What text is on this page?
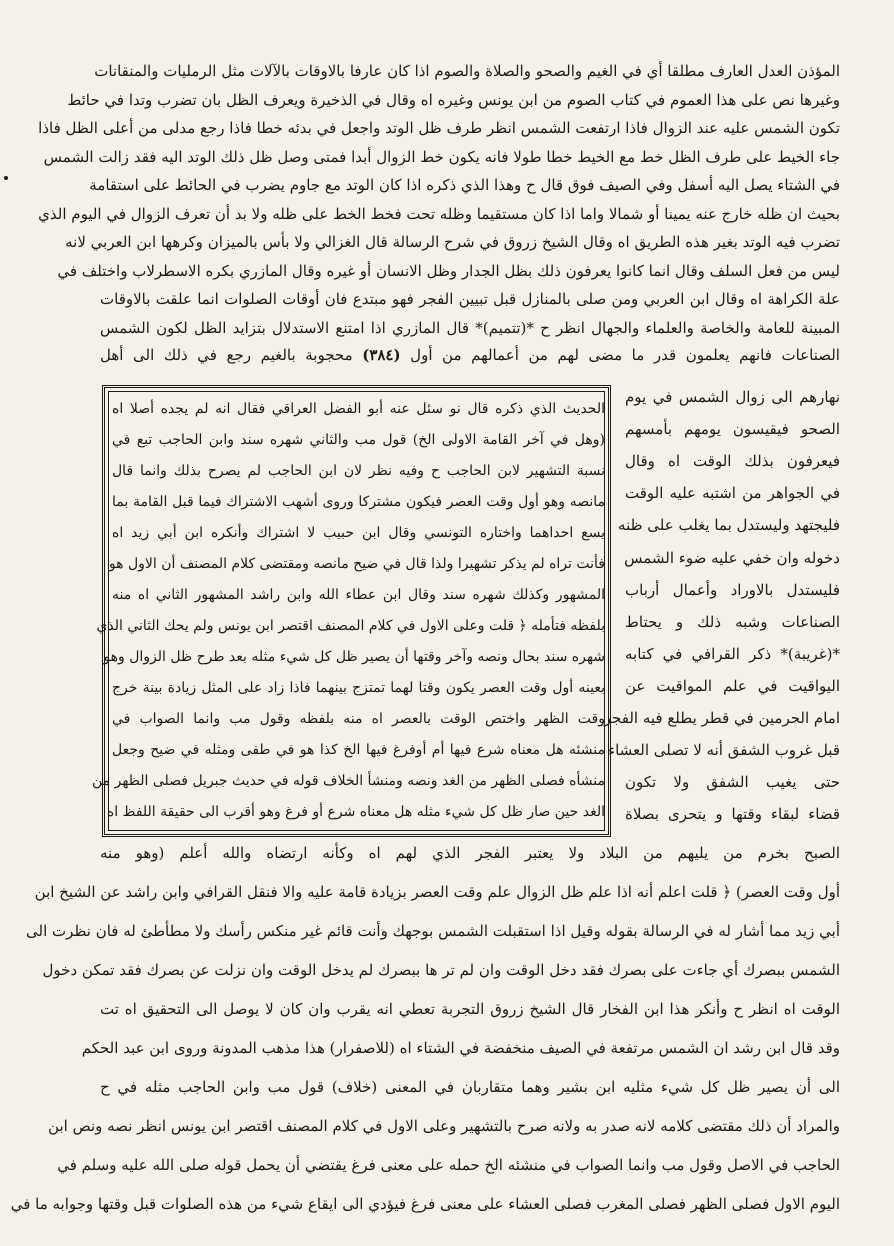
المؤذن العدل العارف مطلقا أي في الغيم والصحو والصلاة والصوم اذا كان عارفا بالاوقات بالآلات مثل الرمليات والمنقانات
وغيرها نص على هذا العموم في كتاب الصوم من ابن يونس وغيره اه وقال في الذخيرة ويعرف الظل بان تضرب وتدا في حائط
تكون الشمس عليه عند الزوال فاذا ارتفعت الشمس انظر طرف ظل الوتد واجعل في بدئه خطا فاذا رجع مدلى من أعلى الظل فاذا
جاء الخيط على طرف الظل خط مع الخيط خطا طولا فانه يكون خط الزوال أبدا فمتى وصل ظل ذلك الوتد اليه فقد زالت الشمس
في الشتاء يصل اليه أسفل وفي الصيف فوق قال ح وهذا الذي ذكره اذا كان الوتد مع جاوم يضرب في الحائط على استقامة
بحيث ان ظله خارج عنه يمينا أو شمالا واما اذا كان مستقيما وظله تحت فخط الخط على ظله ولا بد أن تعرف الزوال في اليوم الذي
تضرب فيه الوتد بغير هذه الطريق اه وقال الشيخ زروق في شرح الرسالة قال الغزالي ولا بأس بالميزان وكرهها ابن العربي لانه
ليس من فعل السلف وقال انما كانوا يعرفون ذلك بظل الجدار وظل الانسان أو غيره وقال المازري بكره الاسطرلاب واختلف في
علة الكراهة اه وقال ابن العربي ومن صلى بالمنازل قبل تبيين الفجر فهو مبتدع فان أوقات الصلوات انما علقت بالاوقات
المبينة للعامة والخاصة والعلماء والجهال انظر ح *(تتميم)* قال المازري اذا امتنع الاستدلال بتزايد الظل لكون الشمس
الصناعات فانهم يعلمون قدر ما مضى لهم من أعمالهم من أول (٣٨٤) محجوبة بالغيم رجع في ذلك الى أهل
نهارهم الى زوال الشمس في يوم
الصحو فيقيسون يومهم بأمسهم
فيعرفون بذلك الوقت اه وقال
في الجواهر من اشتبه عليه الوقت
فليجتهد وليستدل بما يغلب على ظنه
دخوله وان خفي عليه ضوء الشمس
فليستدل بالاوراد وأعمال أرباب
الصناعات وشبه ذلك و يحتاط
*(غريبة)* ذكر القرافي في كتابه
اليواقيت في علم المواقيت عن
امام الحرمين في قطر يطلع فيه الفجر
قبل غروب الشفق أنه لا تصلى العشاء
حتى يغيب الشفق ولا تكون
قضاء لبقاء وقتها و يتحرى بصلاة
الحديث الذي ذكره قال نو سئل عنه أبو الفضل العراقي فقال انه لم يجده أصلا اه
(وهل في آخر القامة الاولى الخ) قول مب والثاني شهره سند وابن الحاجب تبع في
نسبة التشهير لابن الحاجب ح وفيه نظر لان ابن الحاجب لم يصرح بذلك وانما قال
مانصه وهو أول وقت العصر فيكون مشتركا وروى أشهب الاشتراك فيما قبل القامة بما
يسع احداهما واختاره التونسي وقال ابن حبيب لا اشتراك وأنكره ابن أبي زيد اه
فأنت تراه لم يذكر تشهيرا ولذا قال في ضيح مانصه ومقتضى كلام المصنف أن الاول هو
المشهور وكذلك شهره سند وقال ابن عطاء الله وابن راشد المشهور الثاني اه منه
بلفظه فتأمله ﴿ قلت وعلى الاول في كلام المصنف اقتصر ابن يونس ولم يحك الثاني الذي
شهره سند بحال ونصه وآخر وقتها أن يصير ظل كل شيء مثله بعد طرح ظل الزوال وهو
بعينه أول وقت العصر يكون وقتا لهما تمتزج بينهما فاذا زاد على المثل زيادة بينة خرج
وقت الظهر واختص الوقت بالعصر اه منه بلفظه وقول مب وانما الصواب في
منشئه هل معناه شرع فيها أم أوفرغ فيها الخ كذا هو في طفى ومثله في ضيح وجعل
منشأه فصلى الظهر من الغد ونصه ومنشأ الخلاف قوله في حديث جبريل فصلى الظهر من
الغد حين صار ظل كل شيء مثله هل معناه شرع أو فرغ وهو أقرب الى حقيقة اللفظ اه
الصبح بخرم من يليهم من البلاد ولا يعتبر الفجر الذي لهم اه وكأنه ارتضاه والله أعلم (وهو منه
أول وقت العصر) ﴿ قلت اعلم أنه اذا علم ظل الزوال علم وقت العصر بزيادة قامة عليه والا فنقل القرافي وابن راشد عن الشيخ ابن
أبي زيد مما أشار له في الرسالة بقوله وقيل اذا استقبلت الشمس بوجهك وأنت قائم غير منكس رأسك ولا مطأطئ له فان نظرت الى
الشمس ببصرك أي جاءت على بصرك فقد دخل الوقت وان لم تر ها ببصرك لم يدخل الوقت وان نزلت عن بصرك فقد تمكن دخول
الوقت اه انظر ح وأنكر هذا ابن الفخار قال الشيخ زروق التجربة تعطي انه يقرب وان كان لا يوصل الى التحقيق اه تت
وقد قال ابن رشد ان الشمس مرتفعة في الصيف منخفضة في الشتاء اه (للاصفرار) هذا مذهب المدونة وروى ابن عبد الحكم
الى أن يصير ظل كل شيء مثليه ابن بشير وهما متقاربان في المعنى (خلاف) قول مب وابن الحاجب مثله في ح
والمراد أن ذلك مقتضى كلامه لانه صدر به ولانه صرح بالتشهير وعلى الاول في كلام المصنف اقتصر ابن يونس انظر نصه ونص ابن
الحاجب في الاصل وقول مب وانما الصواب في منشئه الخ حمله على معنى فرغ يقتضي أن يحمل قوله صلى الله عليه وسلم في
اليوم الاول فصلى الظهر فصلى المغرب فصلى العشاء على معنى فرغ فيؤدي الى ايقاع شيء من هذه الصلوات قبل وقتها وجوابه ما في
